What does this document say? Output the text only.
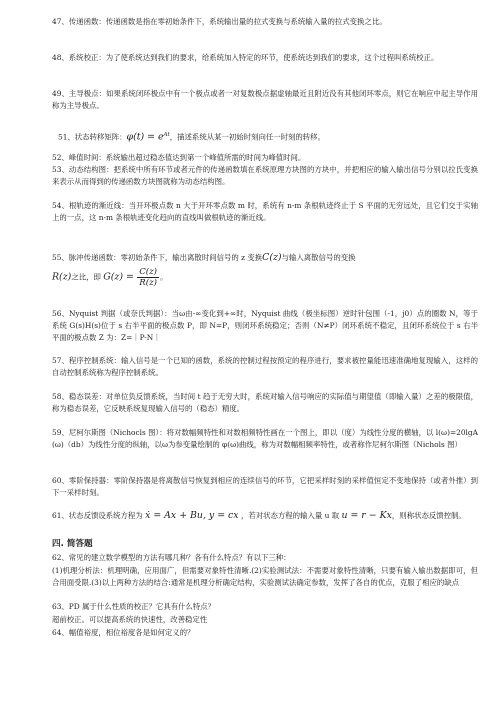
47、传递函数：传递函数是指在零初始条件下，系统输出量的拉式变换与系统输入量的拉式变换之比。
48、系统校正：为了使系统达到我们的要求，给系统加入特定的环节，使系统达到我们的要求，这个过程叫系统校正。
49、主导极点：如果系统闭环极点中有一个极点或者一对复数极点据虚轴最近且附近没有其他闭环零点，则它在响应中起主导作用称为主导极点。
51、状态转移矩阵：$\varphi(t) = e^{At}$，描述系统从某一初始时刻向任一时刻的转移。
52、峰值时间：系统输出超过稳态值达到第一个峰值所需的时间为峰值时间。
53、动态结构图：把系统中所有环节或者元件的传递函数填在系统原理方块图的方块中，并把相应的输入输出信号分别以拉氏变换来表示从而得到的传递函数方块图就称为动态结构图。
54、根轨迹的渐近线：当开环极点数 n 大于开环零点数 m 时，系统有 n-m 条根轨迹终止于 S 平面的无穷远处，且它们交于实轴上的一点，这 n-m 条根轨迹变化趋向的直线叫做根轨迹的渐近线。
55、脉冲传递函数：零初始条件下，输出离散时间信号的 z 变换C(z)与输入离散信号的变换
R(z)之比，即 $G(z) = \frac{C(z)}{R(z)}$ 。
56、Nyquist 判据（或奈氏判据）：当ω由-∞变化到+∞时，Nyquist 曲线（极坐标图）逆时针包围（-1，j0）点的圈数 N，等于系统 G(s)H(s)位于 s 右半平面的极点数 P，即 N=P，则闭环系统稳定；否则（N≠P）闭环系统不稳定，且闭环系统位于 s 右半平面的极点数 Z 为：Z=｜P-N｜
57、程序控制系统：输入信号是一个已知的函数，系统的控制过程按预定的程序进行，要求被控量能迅速准确地复现输入，这样的自动控制系统称为程序控制系统。
58、稳态误差：对单位负反馈系统，当时间 t 趋于无穷大时，系统对输入信号响应的实际值与期望值（即输入量）之差的极限值，称为稳态误差，它反映系统复现输入信号的（稳态）精度。
59、尼柯尔斯图（Nichocls 图）：将对数幅频特性和对数相频特性画在一个图上，即以（度）为线性分度的横轴，以 l(ω)=20lgA(ω)（db）为线性分度的纵轴，以ω为参变量绘制的 φ(ω)曲线，称为对数幅相频率特性，或者称作尼柯尔斯图（Nichols 图）
60、零阶保持器：零阶保持器是将离散信号恢复到相应的连续信号的环节，它把采样时刻的采样值恒定不变地保持（或者外推）到下一采样时刻。
61、状态反馈设系统方程为 ẋ = Ax + Bu, y = cx ，若对状态方程的输入量 u 取 u = r − Kx，则称状态反馈控制。
四. 简答题
62、常见的建立数学模型的方法有哪几种？各有什么特点？有以下三种：
(1)机理分析法：机理明确，应用面广，但需要对象特性清晰.(2)实验测试法：不需要对象特性清晰，只要有输入输出数据即可，但合用面受限.(3)以上两种方法的结合:通常是机理分析确定结构，实验测试法确定参数，发挥了各自的优点，克服了相应的缺点
63、PD 属于什么性质的校正？它具有什么特点？
超前校正。可以提高系统的快速性，改善稳定性
64、幅值裕度，相位裕度各是如何定义的？
